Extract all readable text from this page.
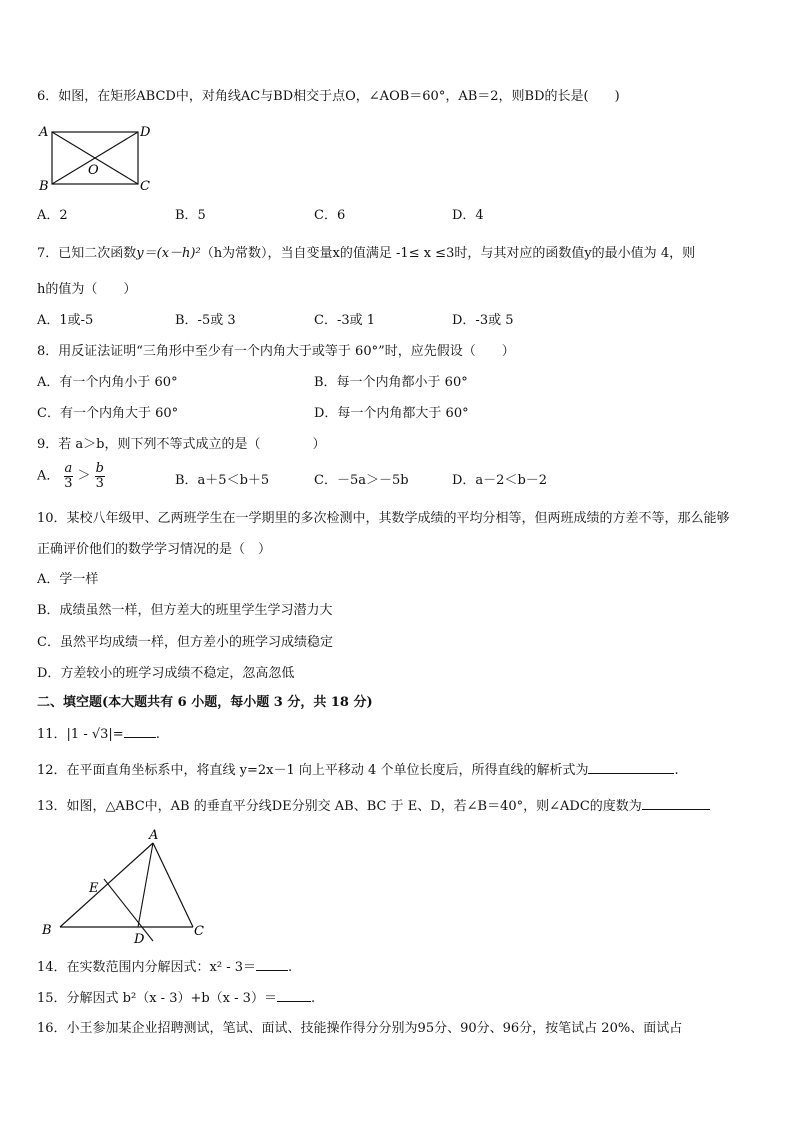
6．如图，在矩形ABCD中，对角线AC与BD相交于点O，∠AOB＝60°，AB＝2，则BD的长是(　　)
A	D
B	C
O
A．2	B．5	C．6	D．4
7．已知二次函数y＝(x－h)²（h为常数），当自变量x的值满足 -1≤ x ≤3时，与其对应的函数值y的最小值为 4，则
h的值为（　　）
A．1或-5	B．-5或 3	C．-3或 1	D．-3或 5
8．用反证法证明“三角形中至少有一个内角大于或等于 60°”时，应先假设（　　）
A．有一个内角小于 60°	B．每一个内角都小于 60°
C．有一个内角大于 60°	D．每一个内角都大于 60°
9．若 a＞b，则下列不等式成立的是（　　　　）
A． $\frac{a}{3} > \frac{b}{3}$	B．a＋5＜b＋5	C．－5a＞－5b	D．a－2＜b－2
10．某校八年级甲、乙两班学生在一学期里的多次检测中，其数学成绩的平均分相等，但两班成绩的方差不等，那么能够
正确评价他们的数学学习情况的是（　）
A．学一样
B．成绩虽然一样，但方差大的班里学生学习潜力大
C．虽然平均成绩一样，但方差小的班学习成绩稳定
D．方差较小的班学习成绩不稳定，忽高忽低
二、填空题(本大题共有 6 小题，每小题 3 分，共 18 分)
11．|1 - √3|= .
12．在平面直角坐标系中，将直线 y=2x－1 向上平移动 4 个单位长度后，所得直线的解析式为	.
13．如图，△ABC中，AB 的垂直平分线DE分别交 AB、BC 于 E、D，若∠B＝40°，则∠ADC的度数为
A
E
B
D
C
14．在实数范围内分解因式：x² - 3＝ .
15．分解因式 b²（x - 3）+b（x - 3）＝	.
16．小王参加某企业招聘测试，笔试、面试、技能操作得分分别为95分、90分、96分，按笔试占 20%、面试占
